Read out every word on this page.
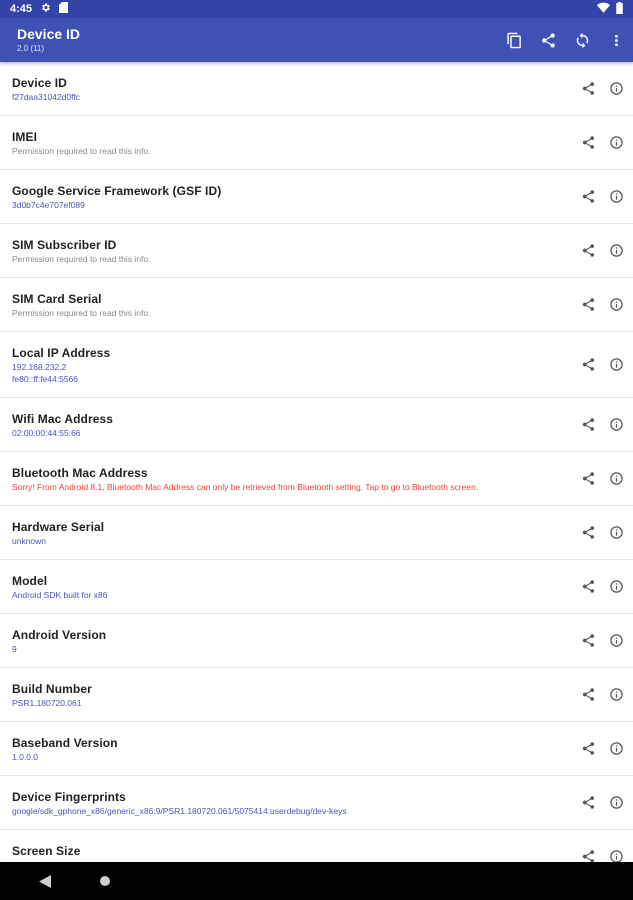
4:45
Device ID
2.0 (11)
Device ID
f27daa31042d0ffc
IMEI
Permission required to read this info.
Google Service Framework (GSF ID)
3d0b7c4e707ef089
SIM Subscriber ID
Permission required to read this info.
SIM Card Serial
Permission required to read this info.
Local IP Address
192.168.232.2
fe80::ff:fe44:5566
Wifi Mac Address
02:00:00:44:55:66
Bluetooth Mac Address
Sorry! From Android 8.1, Bluetooth Mac Address can only be retrieved from Bluetooth setting. Tap to go to Bluetooth screen.
Hardware Serial
unknown
Model
Android SDK built for x86
Android Version
9
Build Number
PSR1.180720.061
Baseband Version
1.0.0.0
Device Fingerprints
google/sdk_gphone_x86/generic_x86:9/PSR1.180720.061/5075414:userdebug/dev-keys
Screen Size
